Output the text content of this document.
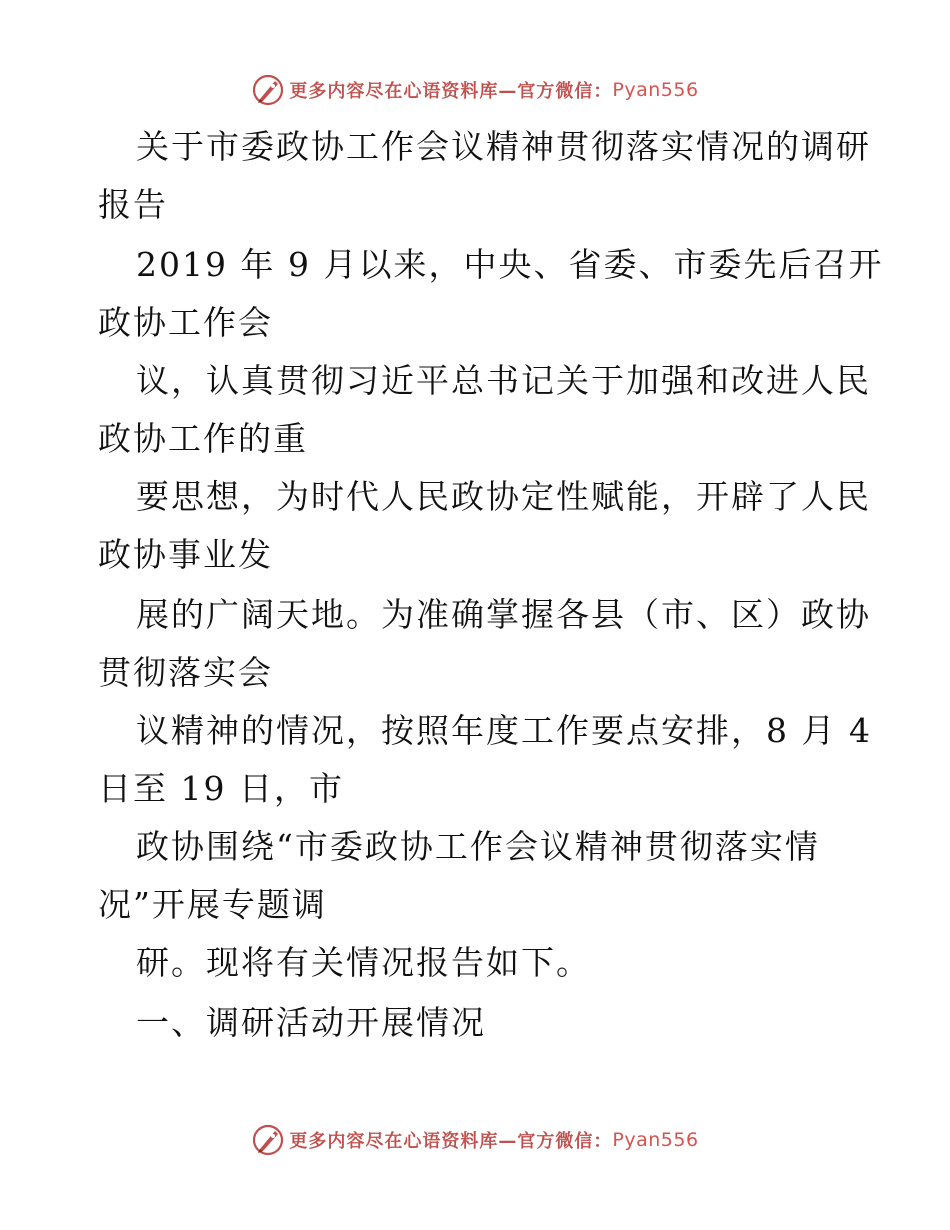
更多内容尽在心语资料库—官方微信： Pyan556
关于市委政协工作会议精神贯彻落实情况的调研
报告
2019 年 9 月以来，中央、省委、市委先后召开
政协工作会
议，认真贯彻习近平总书记关于加强和改进人民
政协工作的重
要思想，为时代人民政协定性赋能，开辟了人民
政协事业发
展的广阔天地。为准确掌握各县（市、区）政协
贯彻落实会
议精神的情况，按照年度工作要点安排，8 月 4
日至 19 日，市
政协围绕“市委政协工作会议精神贯彻落实情
况”开展专题调
研。现将有关情况报告如下。
一、调研活动开展情况
更多内容尽在心语资料库—官方微信： Pyan556
